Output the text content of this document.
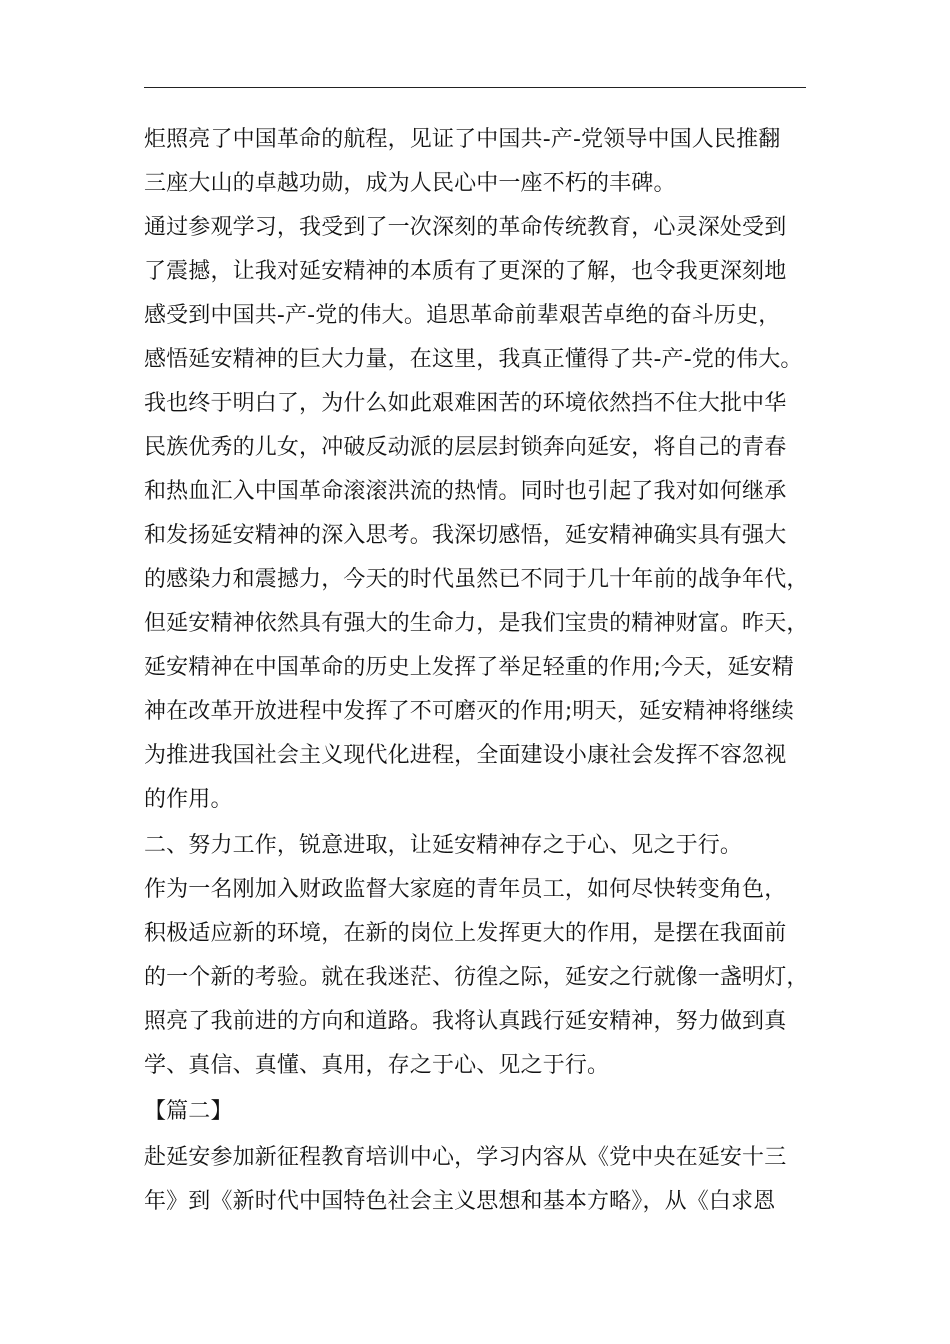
炬照亮了中国革命的航程，见证了中国共-产-党领导中国人民推翻
三座大山的卓越功勋，成为人民心中一座不朽的丰碑。
通过参观学习，我受到了一次深刻的革命传统教育，心灵深处受到
了震撼，让我对延安精神的本质有了更深的了解，也令我更深刻地
感受到中国共-产-党的伟大。追思革命前辈艰苦卓绝的奋斗历史，
感悟延安精神的巨大力量，在这里，我真正懂得了共-产-党的伟大。
我也终于明白了，为什么如此艰难困苦的环境依然挡不住大批中华
民族优秀的儿女，冲破反动派的层层封锁奔向延安，将自己的青春
和热血汇入中国革命滚滚洪流的热情。同时也引起了我对如何继承
和发扬延安精神的深入思考。我深切感悟，延安精神确实具有强大
的感染力和震撼力，今天的时代虽然已不同于几十年前的战争年代，
但延安精神依然具有强大的生命力，是我们宝贵的精神财富。昨天，
延安精神在中国革命的历史上发挥了举足轻重的作用;今天，延安精
神在改革开放进程中发挥了不可磨灭的作用;明天，延安精神将继续
为推进我国社会主义现代化进程，全面建设小康社会发挥不容忽视
的作用。
二、努力工作，锐意进取，让延安精神存之于心、见之于行。
作为一名刚加入财政监督大家庭的青年员工，如何尽快转变角色，
积极适应新的环境，在新的岗位上发挥更大的作用，是摆在我面前
的一个新的考验。就在我迷茫、彷徨之际，延安之行就像一盏明灯，
照亮了我前进的方向和道路。我将认真践行延安精神，努力做到真
学、真信、真懂、真用，存之于心、见之于行。
【篇二】
赴延安参加新征程教育培训中心，学习内容从《党中央在延安十三
年》到《新时代中国特色社会主义思想和基本方略》，从《白求恩
